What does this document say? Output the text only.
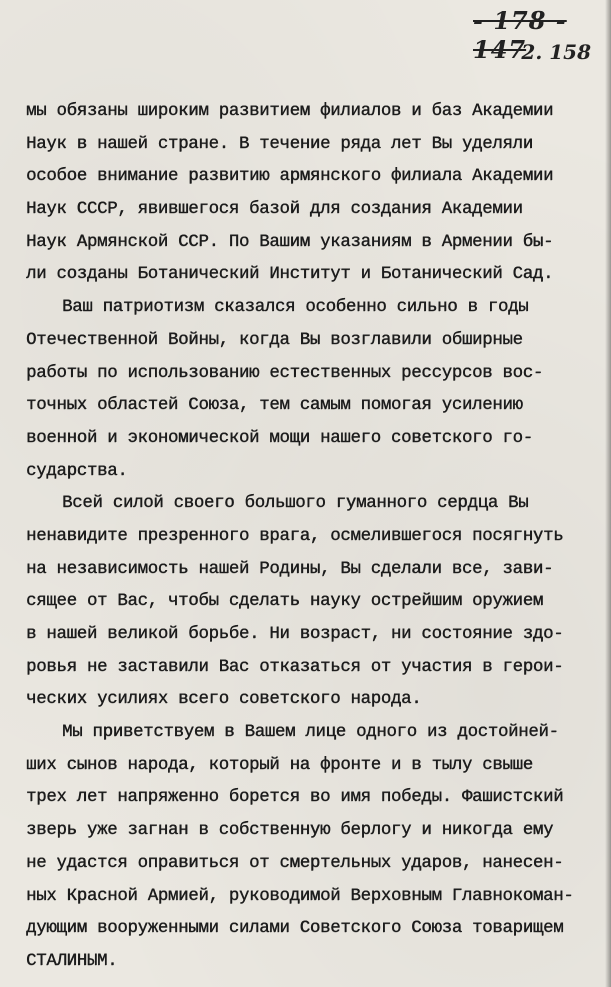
- 178 - 147
2. 158
мы обязаны широким развитием филиалов и баз Академии
Наук в нашей стране. В течение ряда лет Вы уделяли
особое внимание развитию армянского филиала Академии
Наук СССР, явившегося базой для создания Академии
Наук Армянской ССР. По Вашим указаниям в Армении бы-
ли созданы Ботанический Институт и Ботанический Сад.
Ваш патриотизм сказался особенно сильно в годы
Отечественной Войны, когда Вы возглавили обширные
работы по использованию естественных рессурсов вос-
точных областей Союза, тем самым помогая усилению
военной и экономической мощи нашего советского го-
сударства.
Всей силой своего большого гуманного сердца Вы
ненавидите презренного врага, осмелившегося посягнуть
на независимость нашей Родины, Вы сделали все, зави-
сящее от Вас, чтобы сделать науку острейшим оружием
в нашей великой борьбе. Ни возраст, ни состояние здо-
ровья не заставили Вас отказаться от участия в герои-
ческих усилиях всего советского народа.
Мы приветствуем в Вашем лице одного из достойней-
ших сынов народа, который на фронте и в тылу свыше
трех лет напряженно борется во имя победы. Фашистский
зверь уже загнан в собственную берлогу и никогда ему
не удастся оправиться от смертельных ударов, нанесен-
ных Красной Армией, руководимой Верховным Главнокоман-
дующим вооруженными силами Советского Союза товарищем
СТАЛИНЫМ.
